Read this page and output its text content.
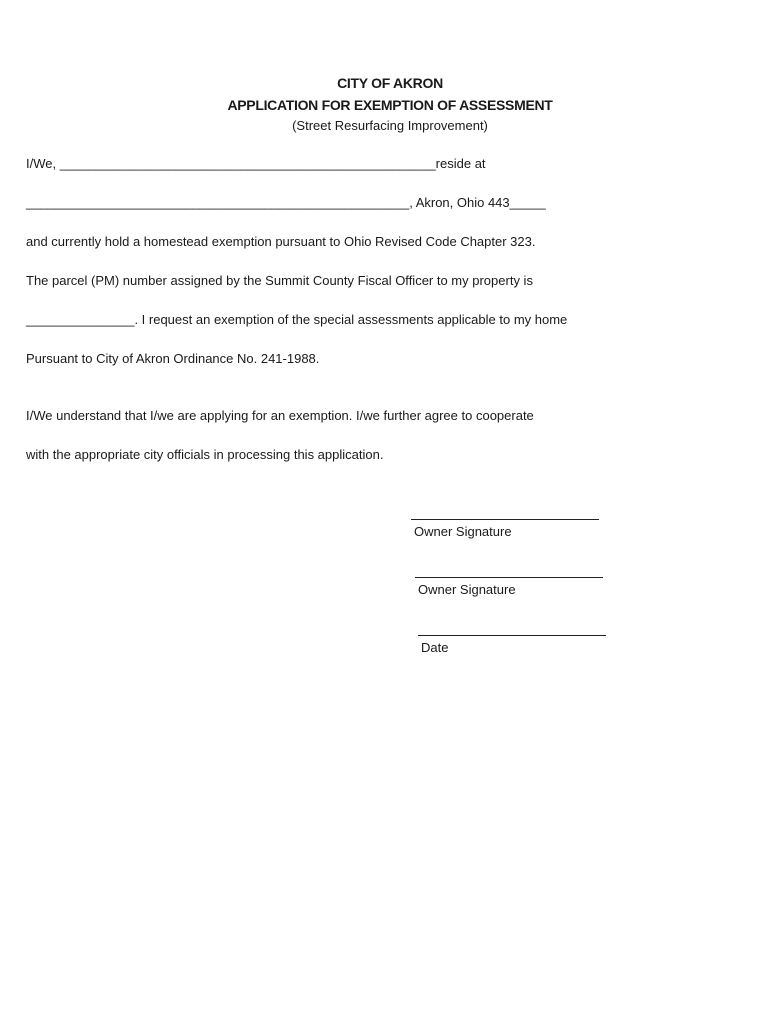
CITY OF AKRON
APPLICATION FOR EXEMPTION OF ASSESSMENT
(Street Resurfacing Improvement)
I/We, ____________________________________________________reside at
_____________________________________________________, Akron, Ohio 443_____
and currently hold a homestead exemption pursuant to Ohio Revised Code Chapter 323.
The parcel (PM) number assigned by the Summit County Fiscal Officer to my property is
_______________. I request an exemption of the special assessments applicable to my home
Pursuant to City of Akron Ordinance No. 241-1988.
I/We understand that I/we are applying for an exemption. I/we further agree to cooperate
with the appropriate city officials in processing this application.
Owner Signature
Owner Signature
Date
